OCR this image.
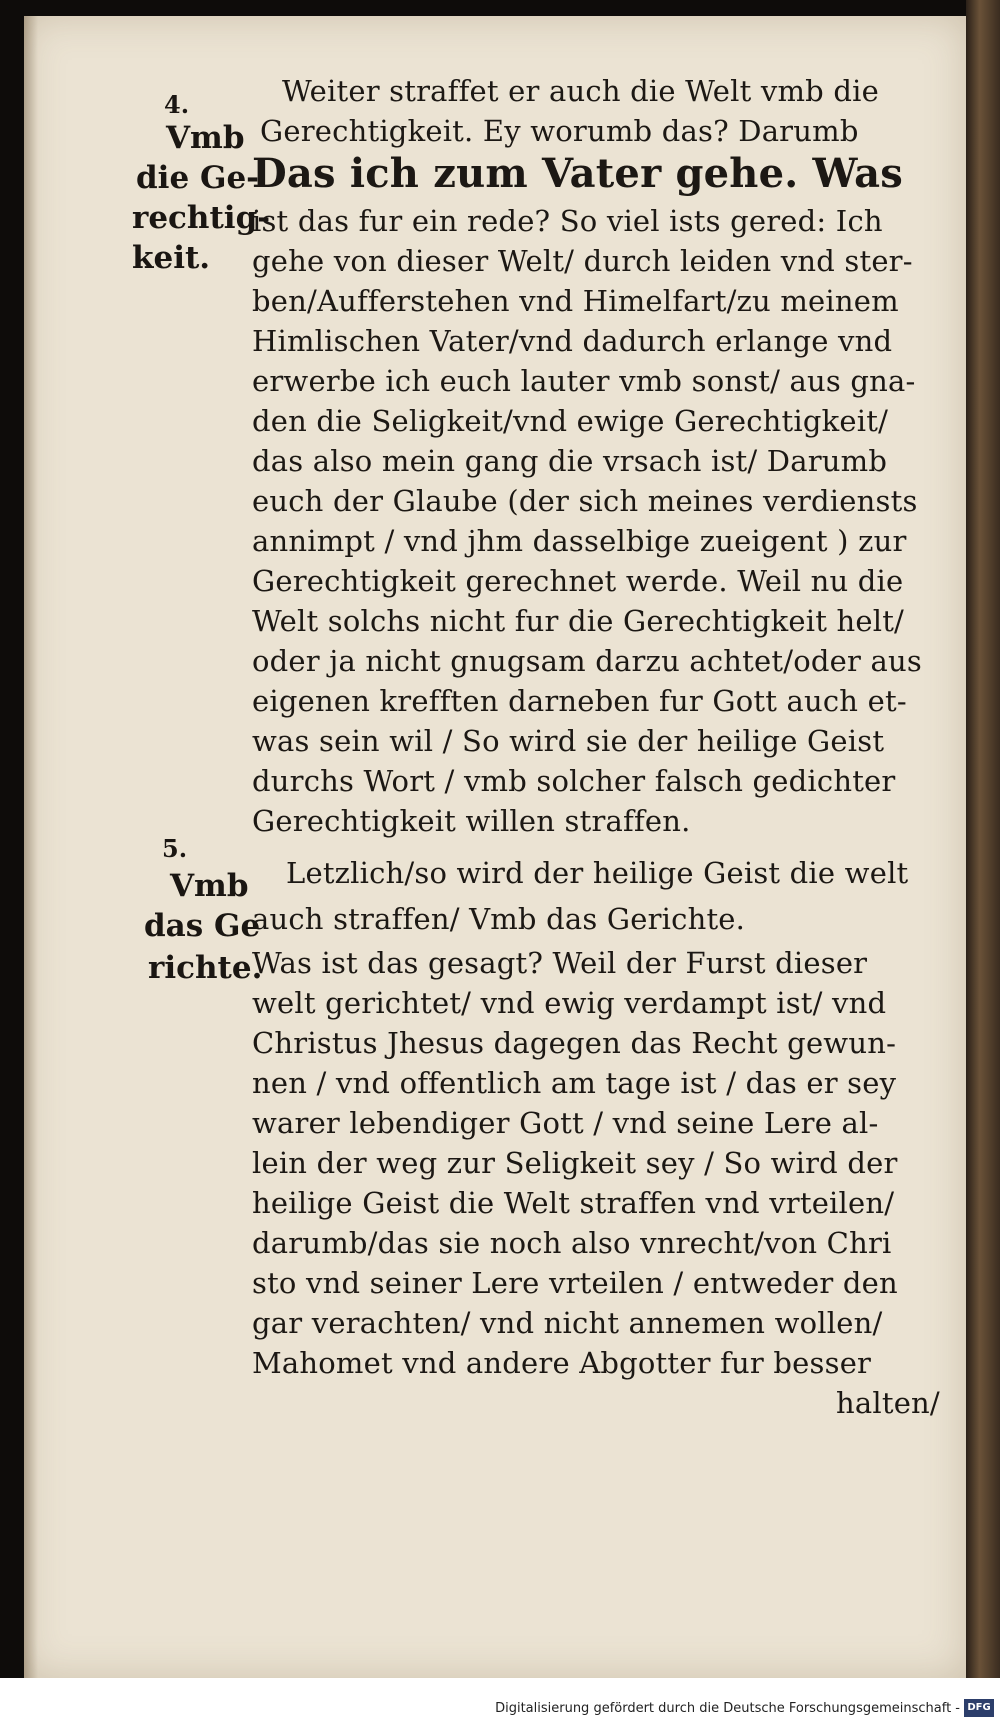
4.
Vmb
die Ge-
rechtig-
keit.
5.
Vmb
das Ge
richte.
Weiter straffet er auch die Welt vmb die
Gerechtigkeit. Ey worumb das? Darumb
Das ich zum Vater gehe. Was
ist das fur ein rede? So viel ists gered: Ich
gehe von dieser Welt/ durch leiden vnd ster-
ben/Aufferstehen vnd Himelfart/zu meinem
Himlischen Vater/vnd dadurch erlange vnd
erwerbe ich euch lauter vmb sonst/ aus gna-
den die Seligkeit/vnd ewige Gerechtigkeit/
das also mein gang die vrsach ist/ Darumb
euch der Glaube (der sich meines verdiensts
annimpt / vnd jhm dasselbige zueigent ) zur
Gerechtigkeit gerechnet werde. Weil nu die
Welt solchs nicht fur die Gerechtigkeit helt/
oder ja nicht gnugsam darzu achtet/oder aus
eigenen krefften darneben fur Gott auch et-
was sein wil / So wird sie der heilige Geist
durchs Wort / vmb solcher falsch gedichter
Gerechtigkeit willen straffen.
Letzlich/so wird der heilige Geist die welt
auch straffen/ Vmb das Gerichte.
Was ist das gesagt? Weil der Furst dieser
welt gerichtet/ vnd ewig verdampt ist/ vnd
Christus Jhesus dagegen das Recht gewun-
nen / vnd offentlich am tage ist / das er sey
warer lebendiger Gott / vnd seine Lere al-
lein der weg zur Seligkeit sey / So wird der
heilige Geist die Welt straffen vnd vrteilen/
darumb/das sie noch also vnrecht/von Chri
sto vnd seiner Lere vrteilen / entweder den
gar verachten/ vnd nicht annemen wollen/
Mahomet vnd andere Abgotter fur besser
halten/
Digitalisierung gefördert durch die Deutsche Forschungsgemeinschaft - DFG
